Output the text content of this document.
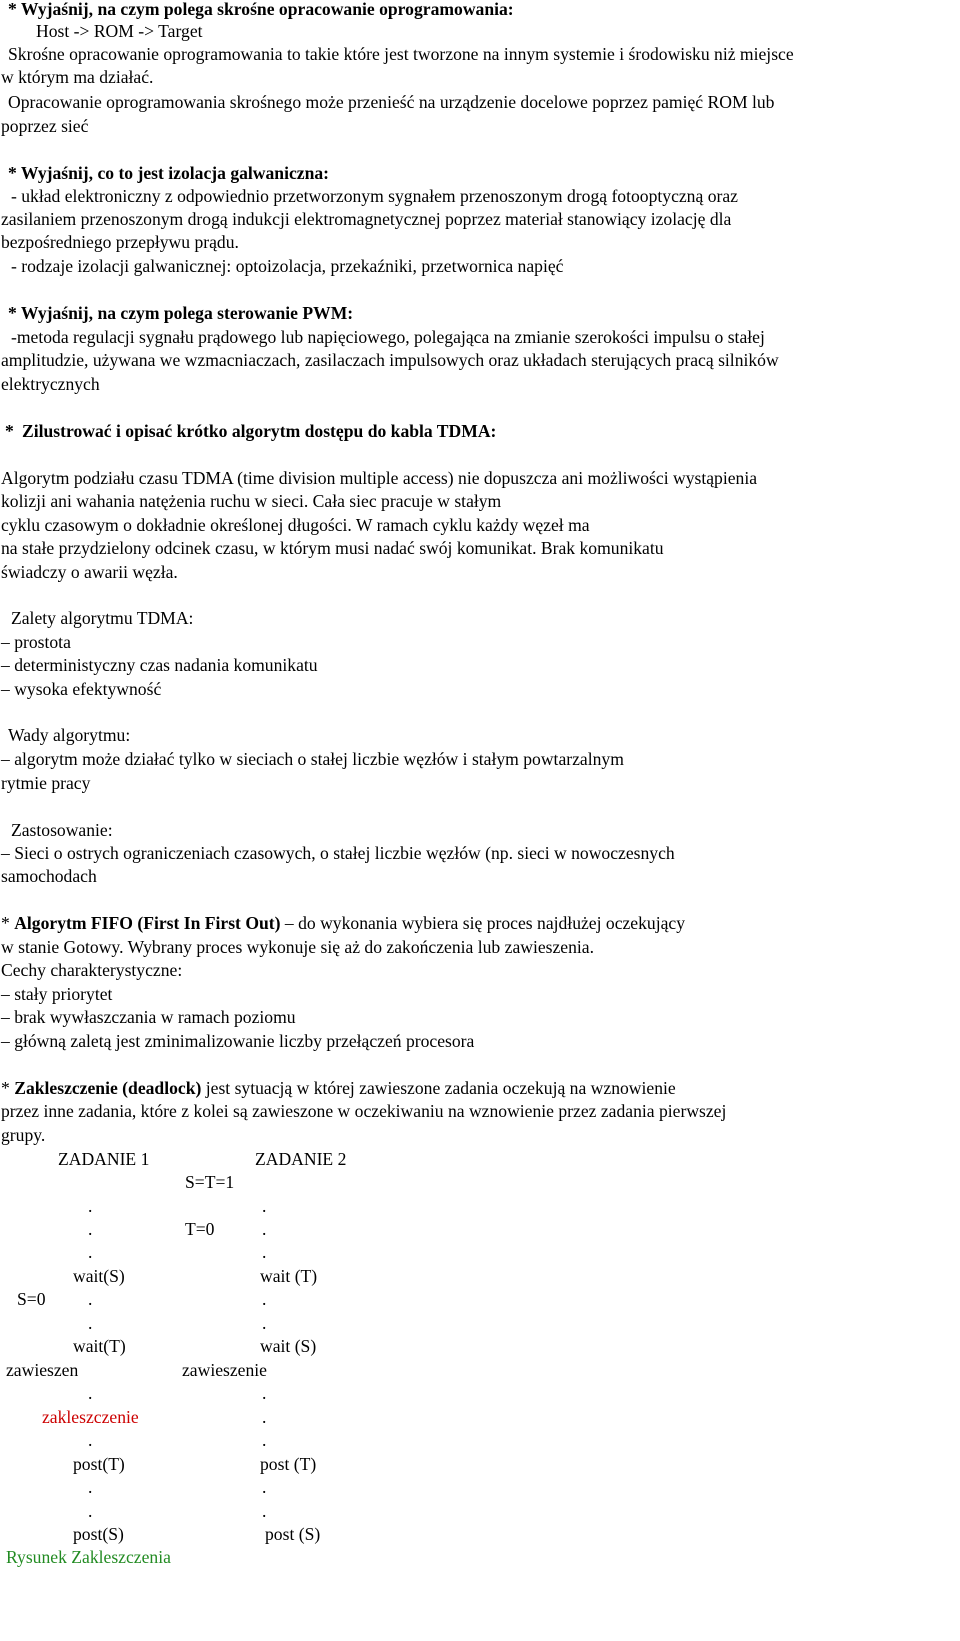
* Wyjaśnij, na czym polega skrośne opracowanie oprogramowania:
Host -> ROM -> Target
Skrośne opracowanie oprogramowania to takie które jest tworzone na innym systemie i środowisku niż miejsce
w którym ma działać.
Opracowanie oprogramowania skrośnego może przenieść na urządzenie docelowe poprzez pamięć ROM lub
poprzez sieć
* Wyjaśnij, co to jest izolacja galwaniczna:
- układ elektroniczny z odpowiednio przetworzonym sygnałem przenoszonym drogą fotooptyczną oraz
zasilaniem przenoszonym drogą indukcji elektromagnetycznej poprzez materiał stanowiący izolację dla
bezpośredniego przepływu prądu.
- rodzaje izolacji galwanicznej: optoizolacja, przekaźniki, przetwornica napięć
* Wyjaśnij, na czym polega sterowanie PWM:
-metoda regulacji sygnału prądowego lub napięciowego, polegająca na zmianie szerokości impulsu o stałej
amplitudzie, używana we wzmacniaczach, zasilaczach impulsowych oraz układach sterujących pracą silników
elektrycznych
* Zilustrować i opisać krótko algorytm dostępu do kabla TDMA:
Algorytm podziału czasu TDMA (time division multiple access) nie dopuszcza ani możliwości wystąpienia
kolizji ani wahania natężenia ruchu w sieci. Cała siec pracuje w stałym
cyklu czasowym o dokładnie określonej długości. W ramach cyklu każdy węzeł ma
na stałe przydzielony odcinek czasu, w którym musi nadać swój komunikat. Brak komunikatu
świadczy o awarii węzła.
Zalety algorytmu TDMA:
– prostota
– deterministyczny czas nadania komunikatu
– wysoka efektywność
Wady algorytmu:
– algorytm może działać tylko w sieciach o stałej liczbie węzłów i stałym powtarzalnym
rytmie pracy
Zastosowanie:
– Sieci o ostrych ograniczeniach czasowych, o stałej liczbie węzłów (np. sieci w nowoczesnych
samochodach
* Algorytm FIFO (First In First Out) – do wykonania wybiera się proces najdłużej oczekujący
w stanie Gotowy. Wybrany proces wykonuje się aż do zakończenia lub zawieszenia.
Cechy charakterystyczne:
– stały priorytet
– brak wywłaszczania w ramach poziomu
– główną zaletą jest zminimalizowanie liczby przełączeń procesora
* Zakleszczenie (deadlock) jest sytuacją w której zawieszone zadania oczekują na wznowienie
przez inne zadania, które z kolei są zawieszone w oczekiwaniu na wznowienie przez zadania pierwszej
grupy.
ZADANIE 1	ZADANIE 2
S=T=1
.	.
.	T=0	.
.	.
wait(S)	wait (T)
S=0 .	.
.	.
wait(T)	wait (S)
zawieszen	zawieszenie
.	.
zakleszczenie	.
.	.
post(T)	post (T)
.	.
.	.
post(S)	post (S)
Rysunek Zakleszczenia
